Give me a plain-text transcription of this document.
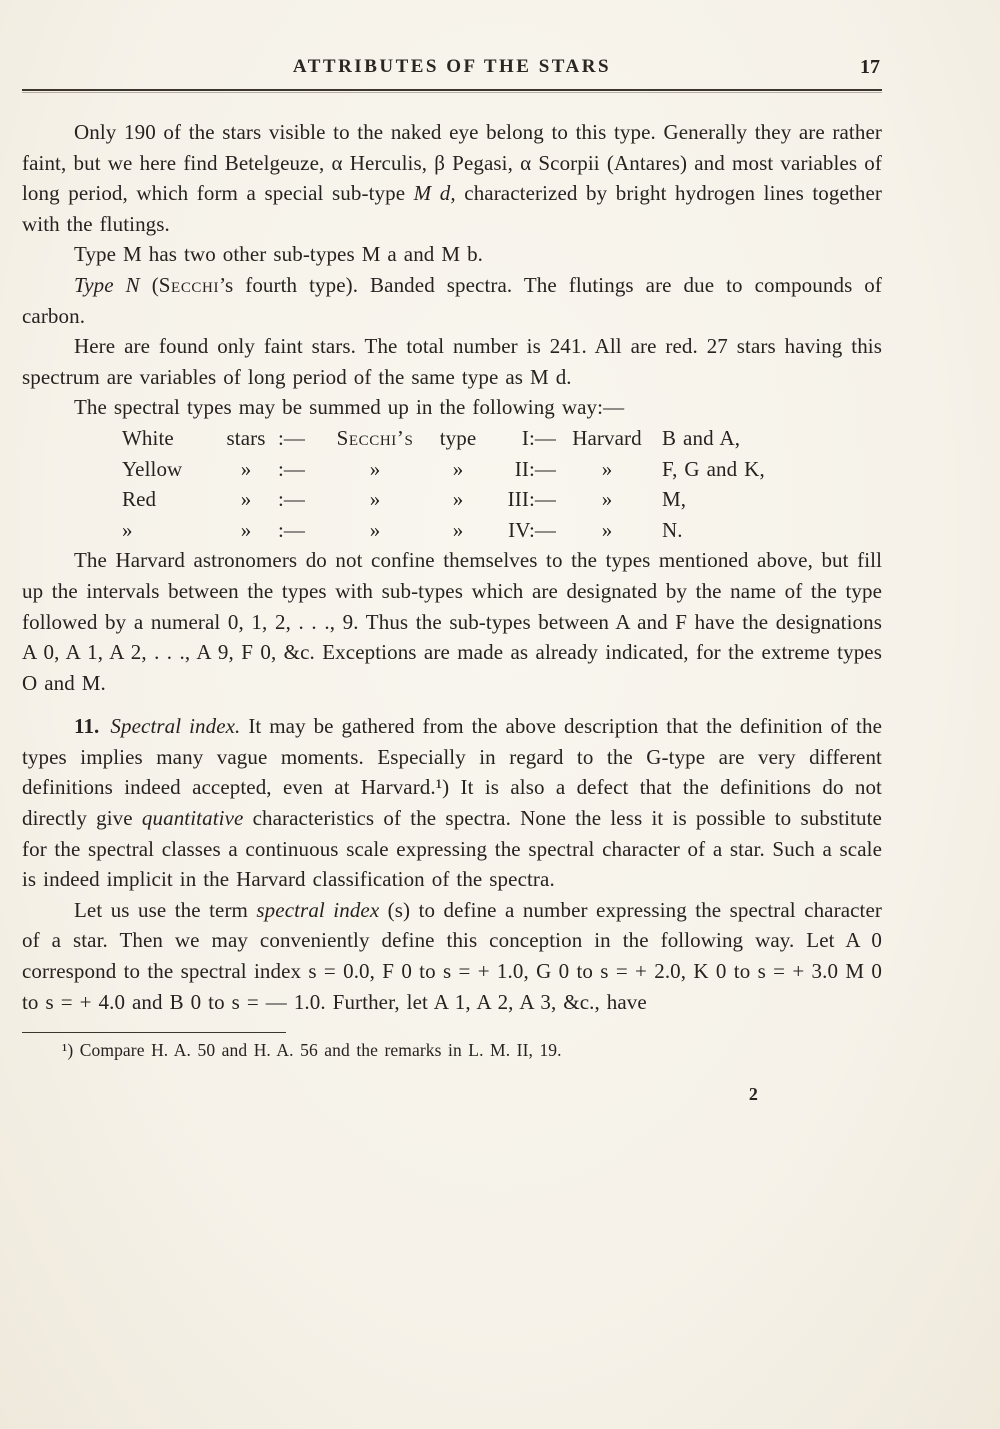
ATTRIBUTES OF THE STARS	17

Only 190 of the stars visible to the naked eye belong to this type. Generally they are rather faint, but we here find Betelgeuze, α Herculis, β Pegasi, α Scorpii (Antares) and most variables of long period, which form a special sub-type M d, characterized by bright hydrogen lines together with the flutings.

Type M has two other sub-types M a and M b.

Type N (Secchi’s fourth type). Banded spectra. The flutings are due to compounds of carbon.

Here are found only faint stars. The total number is 241. All are red. 27 stars having this spectrum are variables of long period of the same type as M d.

The spectral types may be summed up in the following way:—

White	stars :—	Secchi’s	type	I:— Harvard B and A,
Yellow	»	:—	»	»	II:—	»	F, G and K,
Red	»	:—	»	»	III:—	»	M,
»	»	:—	»	»	IV:—	»	N.

The Harvard astronomers do not confine themselves to the types mentioned above, but fill up the intervals between the types with sub-types which are designated by the name of the type followed by a numeral 0, 1, 2, . . ., 9. Thus the sub-types between A and F have the designations A 0, A 1, A 2, . . ., A 9, F 0, &c. Exceptions are made as already indicated, for the extreme types O and M.

11. Spectral index. It may be gathered from the above description that the definition of the types implies many vague moments. Especially in regard to the G-type are very different definitions indeed accepted, even at Harvard.¹) It is also a defect that the definitions do not directly give quantitative characteristics of the spectra. None the less it is possible to substitute for the spectral classes a continuous scale expressing the spectral character of a star. Such a scale is indeed implicit in the Harvard classification of the spectra.

Let us use the term spectral index (s) to define a number expressing the spectral character of a star. Then we may conveniently define this conception in the following way. Let A 0 correspond to the spectral index s = 0.0, F 0 to s = + 1.0, G 0 to s = + 2.0, K 0 to s = + 3.0 M 0 to s = + 4.0 and B 0 to s = — 1.0. Further, let A 1, A 2, A 3, &c., have

¹) Compare H. A. 50 and H. A. 56 and the remarks in L. M. II, 19.

2
